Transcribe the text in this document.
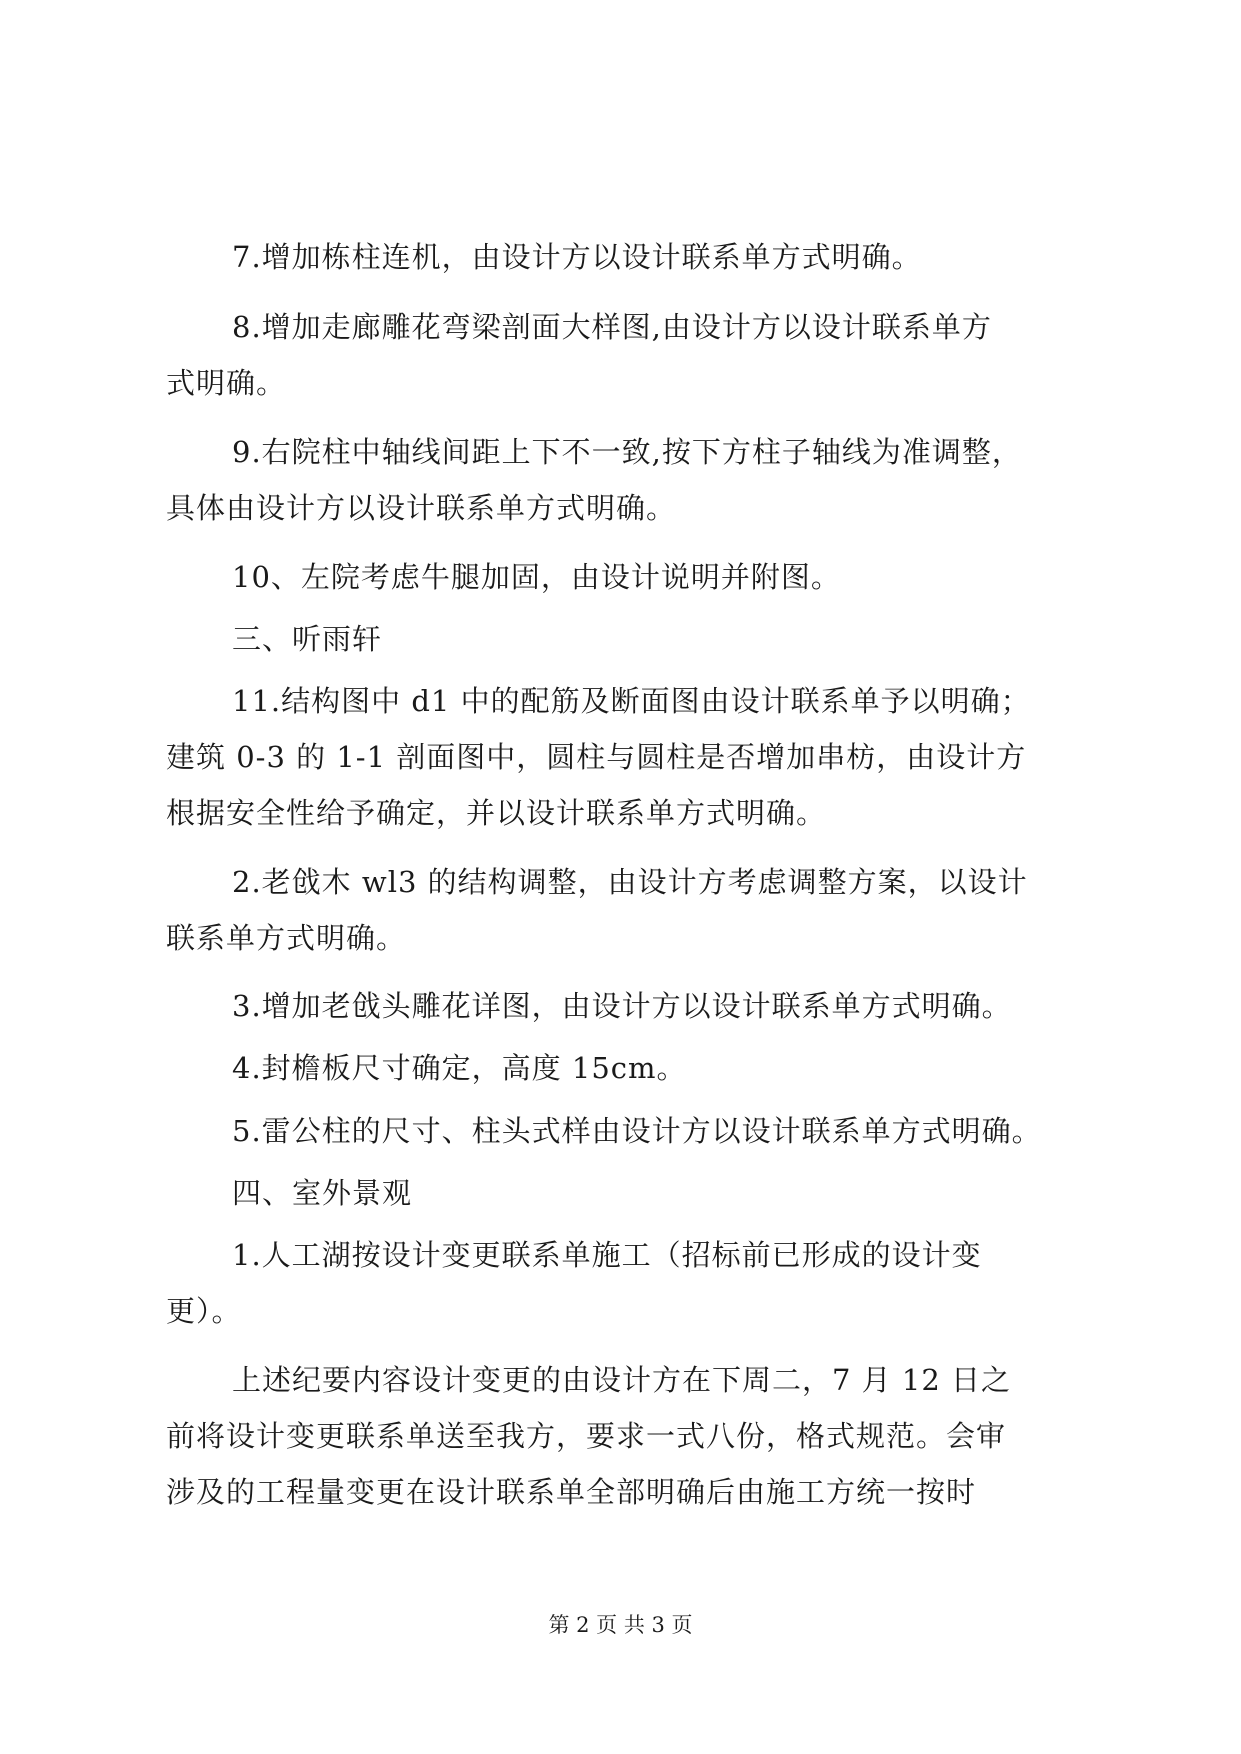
7.增加栋柱连机，由设计方以设计联系单方式明确。
8.增加走廊雕花弯梁剖面大样图,由设计方以设计联系单方
式明确。
9.右院柱中轴线间距上下不一致,按下方柱子轴线为准调整，
具体由设计方以设计联系单方式明确。
10、左院考虑牛腿加固，由设计说明并附图。
三、听雨轩
11.结构图中 d1 中的配筋及断面图由设计联系单予以明确；
建筑 0-3 的 1-1 剖面图中，圆柱与圆柱是否增加串枋，由设计方
根据安全性给予确定，并以设计联系单方式明确。
2.老戗木 wl3 的结构调整，由设计方考虑调整方案，以设计
联系单方式明确。
3.增加老戗头雕花详图，由设计方以设计联系单方式明确。
4.封檐板尺寸确定，高度 15cm。
5.雷公柱的尺寸、柱头式样由设计方以设计联系单方式明确。
四、室外景观
1.人工湖按设计变更联系单施工（招标前已形成的设计变
更）。
上述纪要内容设计变更的由设计方在下周二，7 月 12 日之
前将设计变更联系单送至我方，要求一式八份，格式规范。会审
涉及的工程量变更在设计联系单全部明确后由施工方统一按时
第 2 页 共 3 页
